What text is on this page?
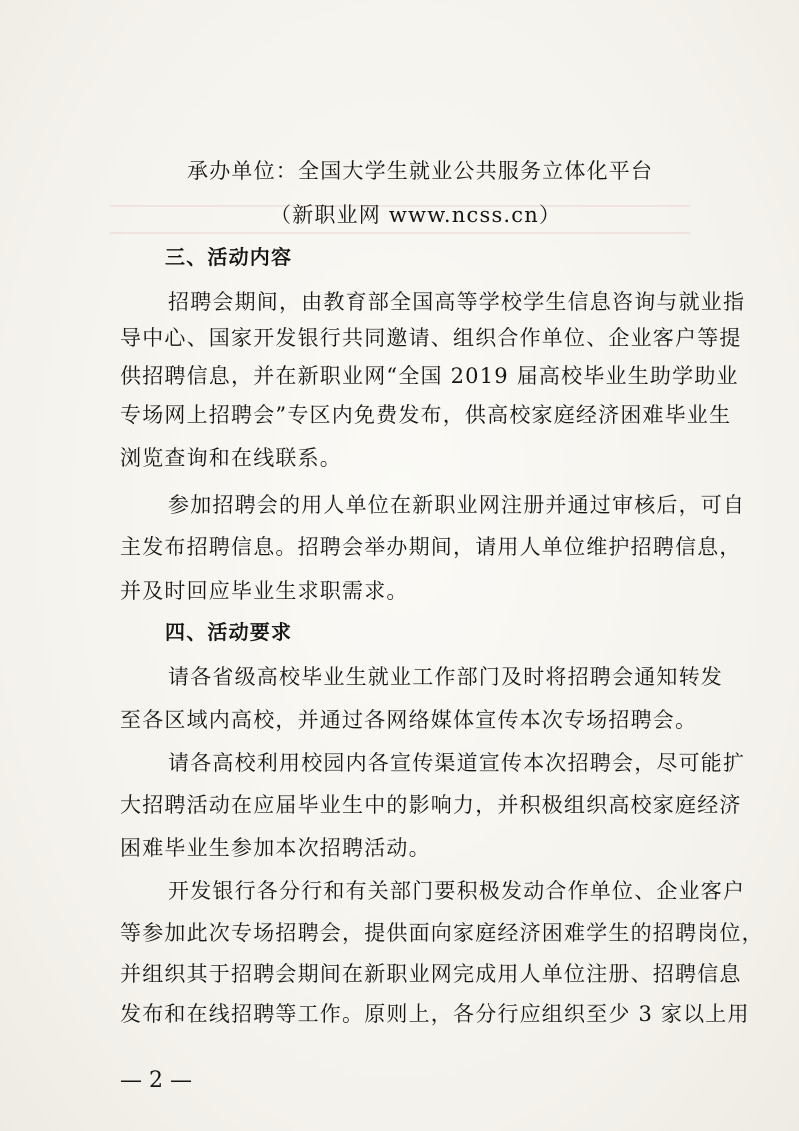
承办单位：全国大学生就业公共服务立体化平台
（新职业网 www.ncss.cn）
三、活动内容
招聘会期间，由教育部全国高等学校学生信息咨询与就业指
导中心、国家开发银行共同邀请、组织合作单位、企业客户等提
供招聘信息，并在新职业网“全国 2019 届高校毕业生助学助业
专场网上招聘会”专区内免费发布，供高校家庭经济困难毕业生
浏览查询和在线联系。
参加招聘会的用人单位在新职业网注册并通过审核后，可自
主发布招聘信息。招聘会举办期间，请用人单位维护招聘信息，
并及时回应毕业生求职需求。
四、活动要求
请各省级高校毕业生就业工作部门及时将招聘会通知转发
至各区域内高校，并通过各网络媒体宣传本次专场招聘会。
请各高校利用校园内各宣传渠道宣传本次招聘会，尽可能扩
大招聘活动在应届毕业生中的影响力，并积极组织高校家庭经济
困难毕业生参加本次招聘活动。
开发银行各分行和有关部门要积极发动合作单位、企业客户
等参加此次专场招聘会，提供面向家庭经济困难学生的招聘岗位，
并组织其于招聘会期间在新职业网完成用人单位注册、招聘信息
发布和在线招聘等工作。原则上，各分行应组织至少 3 家以上用
— 2 —
